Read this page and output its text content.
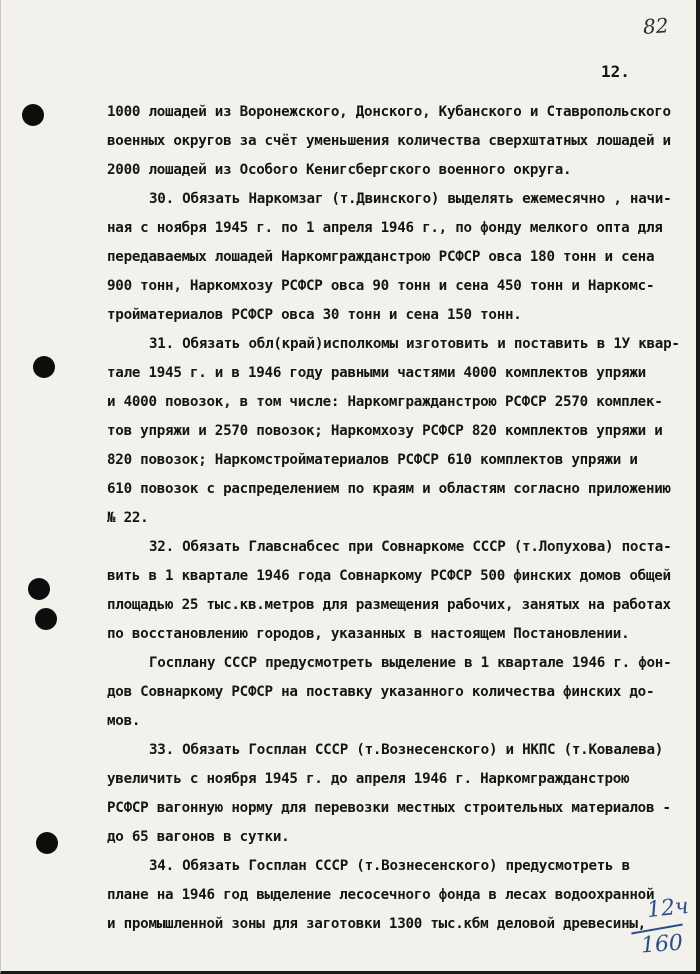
82
12.
1000 лошадей из Воронежского, Донского, Кубанского и Ставропольского
военных округов за счёт уменьшения количества сверхштатных лошадей и
2000 лошадей из Особого Кенигсбергского военного округа.
30. Обязать Наркомзаг (т.Двинского) выделять ежемесячно , начи-
ная с ноября 1945 г. по 1 апреля 1946 г., по фонду мелкого опта для
передаваемых лошадей Наркомгражданстрою РСФСР овса 180 тонн и сена
900 тонн, Наркомхозу РСФСР овса 90 тонн и сена 450 тонн и Наркомс-
тройматериалов РСФСР овса 30 тонн и сена 150 тонн.
31. Обязать обл(край)исполкомы изготовить и поставить в 1У квар-
тале 1945 г. и в 1946 году равными частями 4000 комплектов упряжи
и 4000 повозок, в том числе: Наркомгражданстрою РСФСР 2570 комплек-
тов упряжи и 2570 повозок; Наркомхозу РСФСР 820 комплектов упряжи и
820 повозок; Наркомстройматериалов РСФСР 610 комплектов упряжи и
610 повозок с распределением по краям и областям согласно приложению
№ 22.
32. Обязать Главснабсес при Совнаркоме СССР (т.Лопухова) поста-
вить в 1 квартале 1946 года Совнаркому РСФСР 500 финских домов общей
площадью 25 тыс.кв.метров для размещения рабочих, занятых на работах
по восстановлению городов, указанных в настоящем Постановлении.
Госплану СССР предусмотреть выделение в 1 квартале 1946 г. фон-
дов Совнаркому РСФСР на поставку указанного количества финских до-
мов.
33. Обязать Госплан СССР (т.Вознесенского) и НКПС (т.Ковалева)
увеличить с ноября 1945 г. до апреля 1946 г. Наркомгражданстрою
РСФСР вагонную норму для перевозки местных строительных материалов -
до 65 вагонов в сутки.
34. Обязать Госплан СССР (т.Вознесенского) предусмотреть в
плане на 1946 год выделение лесосечного фонда в лесах водоохранной
и промышленной зоны для заготовки 1300 тыс.кбм деловой древесины,
12ч
160
